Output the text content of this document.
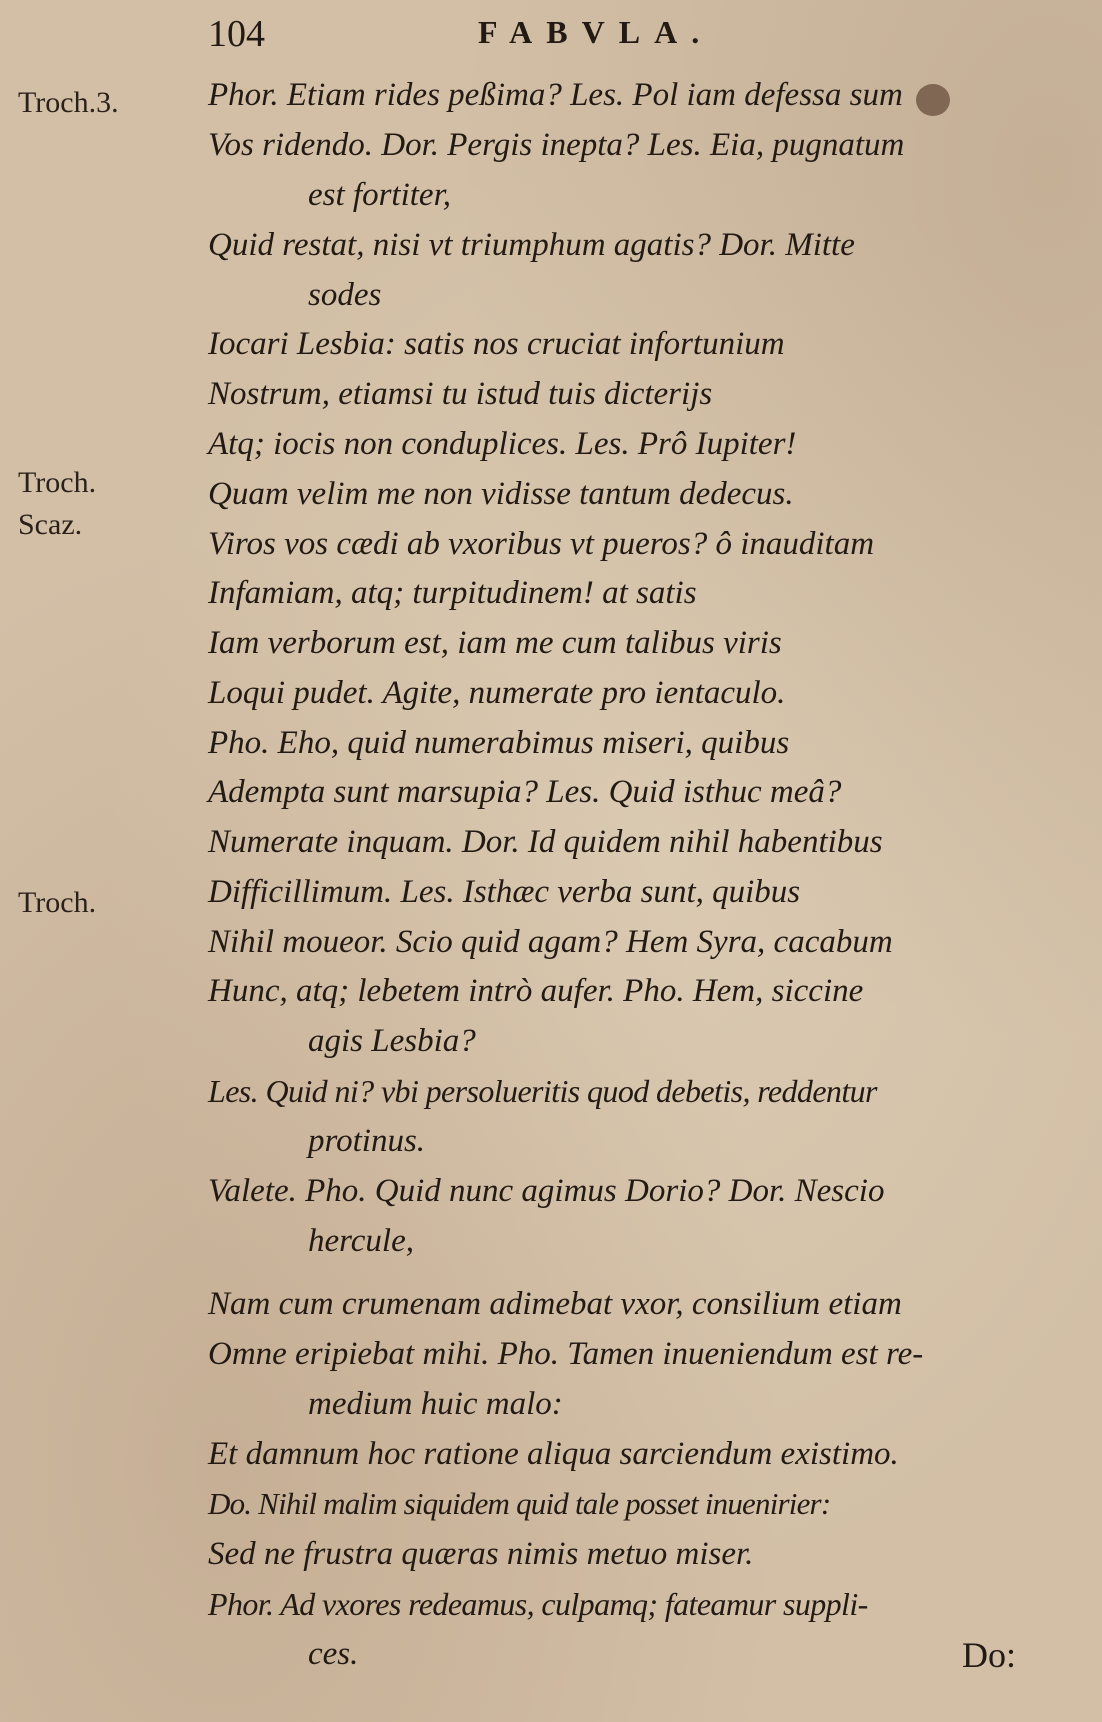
104	FABVLA.
Troch.3.
Troch.
Scaz.
Troch.
Phor. Etiam rides peßima? Les. Pol iam defessa sum
Vos ridendo. Dor. Pergis inepta? Les. Eia, pugnatum
est fortiter,
Quid restat, nisi vt triumphum agatis? Dor. Mitte
sodes
Iocari Lesbia: satis nos cruciat infortunium
Nostrum, etiamsi tu istud tuis dicterijs
Atq; iocis non conduplices. Les. Prô Iupiter!
Quam velim me non vidisse tantum dedecus.
Viros vos cædi ab vxoribus vt pueros? ô inauditam
Infamiam, atq; turpitudinem! at satis
Iam verborum est, iam me cum talibus viris
Loqui pudet. Agite, numerate pro ientaculo.
Pho. Eho, quid numerabimus miseri, quibus
Adempta sunt marsupia? Les. Quid isthuc meâ?
Numerate inquam. Dor. Id quidem nihil habentibus
Difficillimum. Les. Isthæc verba sunt, quibus
Nihil moueor. Scio quid agam? Hem Syra, cacabum
Hunc, atq; lebetem intrò aufer. Pho. Hem, siccine
agis Lesbia?
Les. Quid ni? vbi persolueritis quod debetis, reddentur
protinus.
Valete. Pho. Quid nunc agimus Dorio? Dor. Nescio
hercule,
Nam cum crumenam adimebat vxor, consilium etiam
Omne eripiebat mihi. Pho. Tamen inueniendum est re-
medium huic malo:
Et damnum hoc ratione aliqua sarciendum existimo.
Do. Nihil malim siquidem quid tale posset inuenirier:
Sed ne frustra quæras nimis metuo miser.
Phor. Ad vxores redeamus, culpamq; fateamur suppli-
ces.	Do:
